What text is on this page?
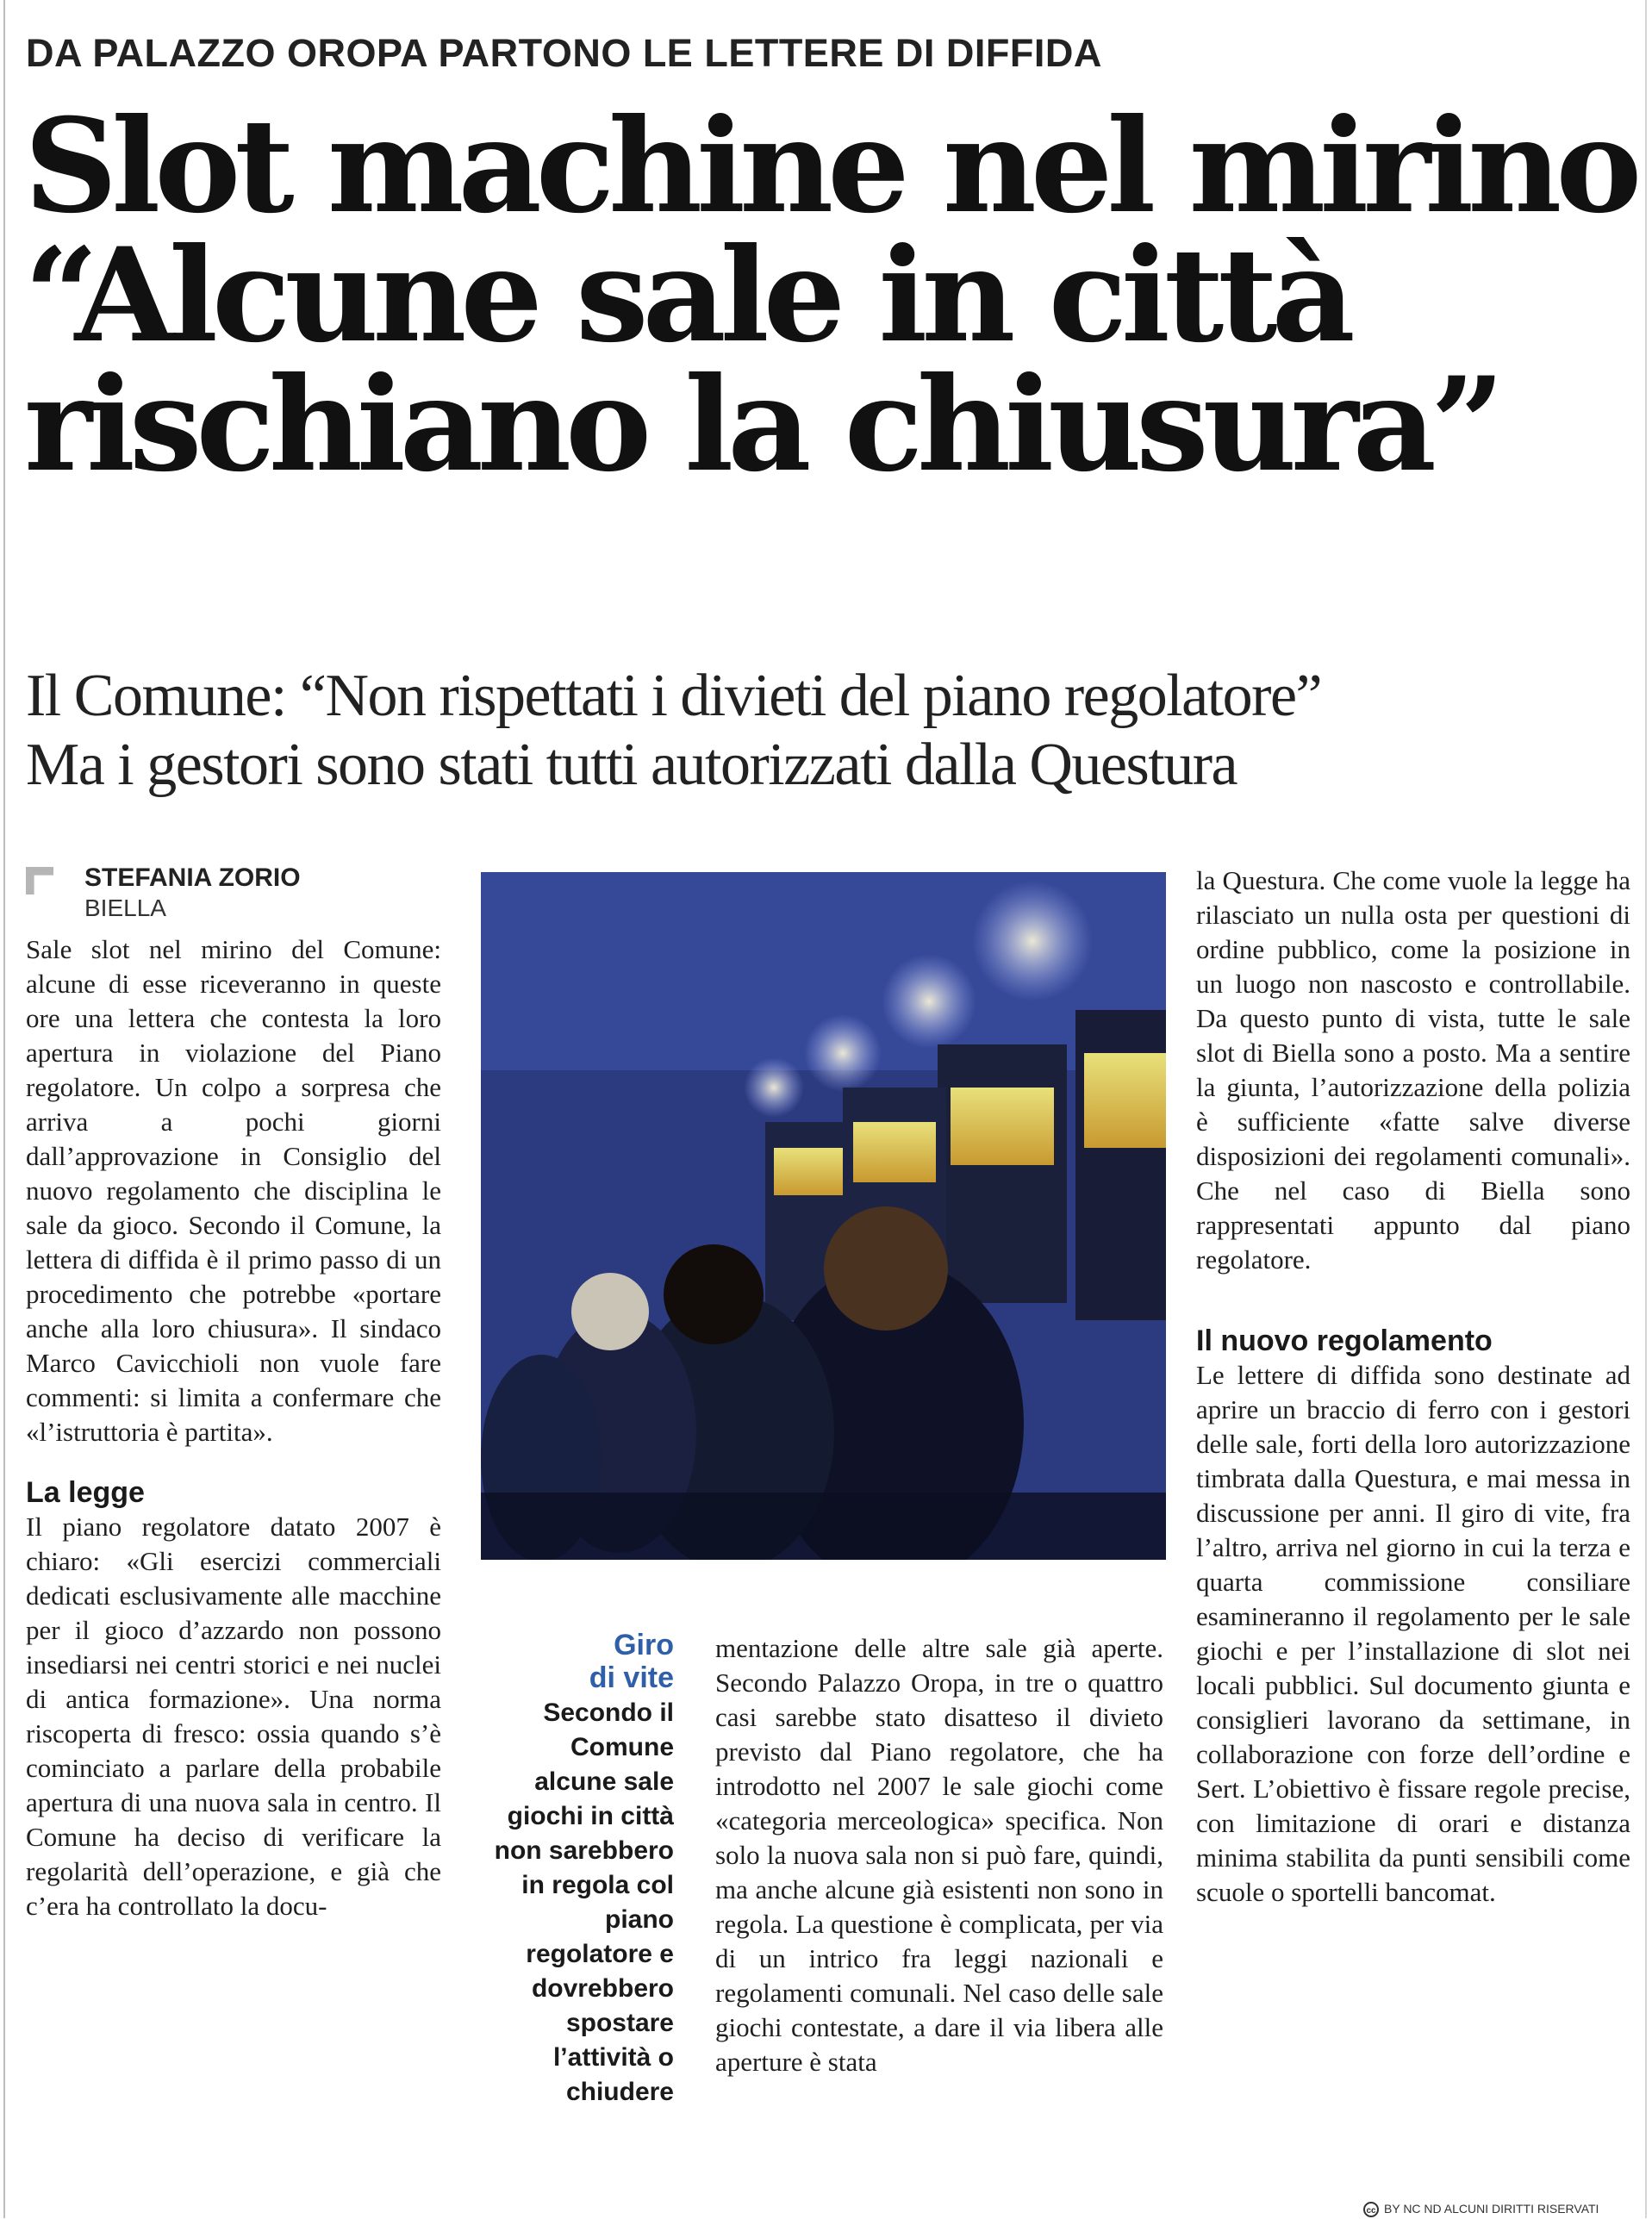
DA PALAZZO OROPA PARTONO LE LETTERE DI DIFFIDA
Slot machine nel mirino
“Alcune sale in città
rischiano la chiusura”
Il Comune: “Non rispettati i divieti del piano regolatore”
Ma i gestori sono stati tutti autorizzati dalla Questura
STEFANIA ZORIO
BIELLA

Sale slot nel mirino del Comune: alcune di esse riceveranno in queste ore una lettera che contesta la loro apertura in violazione del Piano regolatore. Un colpo a sorpresa che arriva a pochi giorni dall’approvazione in Consiglio del nuovo regolamento che disciplina le sale da gioco. Secondo il Comune, la lettera di diffida è il primo passo di un procedimento che potrebbe «portare anche alla loro chiusura». Il sindaco Marco Cavicchioli non vuole fare commenti: si limita a confermare che «l’istruttoria è partita».

La legge

Il piano regolatore datato 2007 è chiaro: «Gli esercizi commerciali dedicati esclusivamente alle macchine per il gioco d’azzardo non possono insediarsi nei centri storici e nei nuclei di antica formazione». Una norma riscoperta di fresco: ossia quando s’è cominciato a parlare della probabile apertura di una nuova sala in centro. Il Comune ha deciso di verificare la regolarità dell’operazione, e già che c’era ha controllato la docu-

Giro
di vite
Secondo il Comune alcune sale giochi in città non sarebbero in regola col piano regolatore e dovrebbero spostare l’attività o chiudere

mentazione delle altre sale già aperte. Secondo Palazzo Oropa, in tre o quattro casi sarebbe stato disatteso il divieto previsto dal Piano regolatore, che ha introdotto nel 2007 le sale giochi come «categoria merceologica» specifica. Non solo la nuova sala non si può fare, quindi, ma anche alcune già esistenti non sono in regola. La questione è complicata, per via di un intrico fra leggi nazionali e regolamenti comunali. Nel caso delle sale giochi contestate, a dare il via libera alle aperture è stata

la Questura. Che come vuole la legge ha rilasciato un nulla osta per questioni di ordine pubblico, come la posizione in un luogo non nascosto e controllabile. Da questo punto di vista, tutte le sale slot di Biella sono a posto. Ma a sentire la giunta, l’autorizzazione della polizia è sufficiente «fatte salve diverse disposizioni dei regolamenti comunali». Che nel caso di Biella sono rappresentati appunto dal piano regolatore.

Il nuovo regolamento

Le lettere di diffida sono destinate ad aprire un braccio di ferro con i gestori delle sale, forti della loro autorizzazione timbrata dalla Questura, e mai messa in discussione per anni. Il giro di vite, fra l’altro, arriva nel giorno in cui la terza e quarta commissione consiliare esamineranno il regolamento per le sale giochi e per l’installazione di slot nei locali pubblici. Sul documento giunta e consiglieri lavorano da settimane, in collaborazione con forze dell’ordine e Sert. L’obiettivo è fissare regole precise, con limitazione di orari e distanza minima stabilita da punti sensibili come scuole o sportelli bancomat.

cc BY NC ND ALCUNI DIRITTI RISERVATI
